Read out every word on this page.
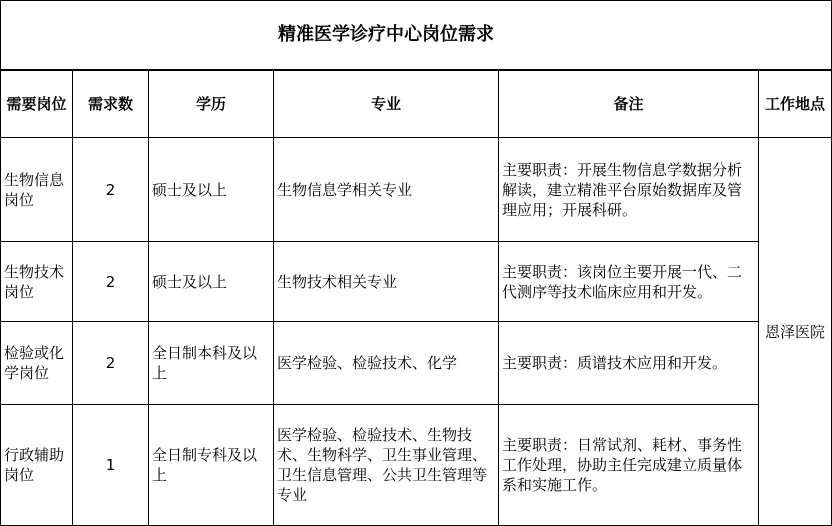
精准医学诊疗中心岗位需求					
需要岗位	需求数	学历	专业	备注	工作地点
生物信息岗位	2	硕士及以上	生物信息学相关专业	主要职责：开展生物信息学数据分析解读，建立精准平台原始数据库及管理应用；开展科研。	恩泽医院
生物技术岗位	2	硕士及以上	生物技术相关专业	主要职责：该岗位主要开展一代、二代测序等技术临床应用和开发。	
检验或化学岗位	2	全日制本科及以上	医学检验、检验技术、化学	主要职责：质谱技术应用和开发。	
行政辅助岗位	1	全日制专科及以上	医学检验、检验技术、生物技术、生物科学、卫生事业管理、卫生信息管理、公共卫生管理等专业	主要职责：日常试剂、耗材、事务性工作处理，协助主任完成建立质量体系和实施工作。	
